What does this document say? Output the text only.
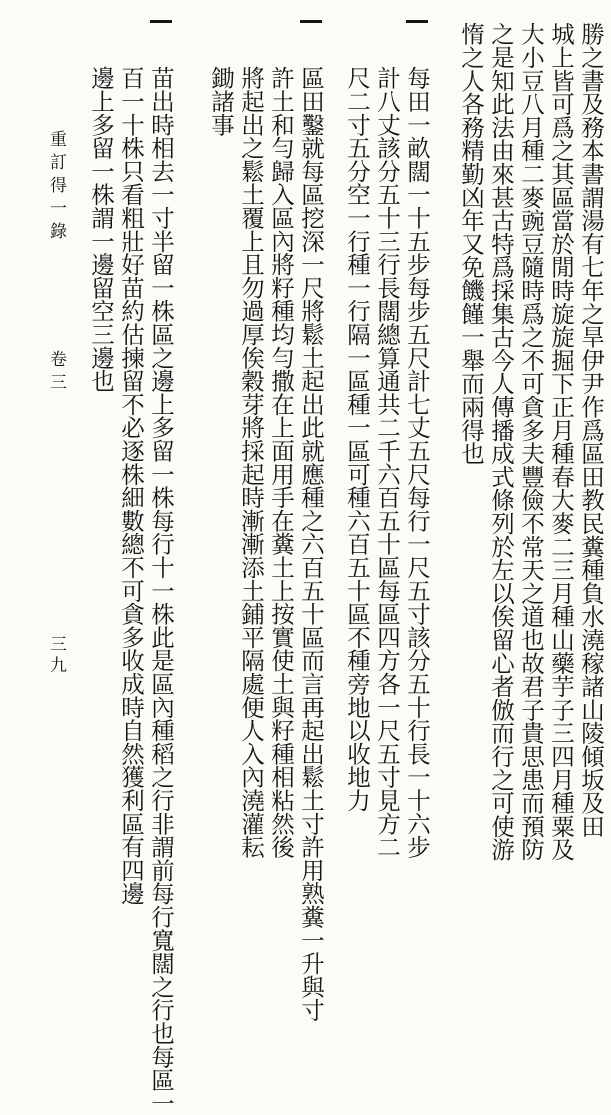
勝之書及務本書謂湯有七年之旱伊尹作爲區田教民糞種負水澆稼諸山陵傾坂及田
城上皆可爲之其區當於閒時旋旋掘下正月種春大麥二三月種山藥芋子三四月種粟及
大小豆八月種二麥豌豆隨時爲之不可貪多夫豐儉不常天之道也故君子貴思患而預防
之是知此法由來甚古特爲採集古今人傳播成式條列於左以俟留心者倣而行之可使游
惰之人各務精勤凶年又免饑饉一舉而兩得也
每田一畝闊一十五步每步五尺計七丈五尺每行一尺五寸該分五十行長一十六步
計八丈該分五十三行長闊總算通共二千六百五十區每區四方各一尺五寸見方二
尺二寸五分空一行種一行隔一區種一區可種六百五十區不種旁地以收地力
區田鑿就每區挖深一尺將鬆土起出此就應種之六百五十區而言再起出鬆土寸許用熟糞一升與寸
許土和勻歸入區內將籽種均勻撒在上面用手在糞土上按實使土與籽種相粘然後
將起出之鬆土覆上且勿過厚俟穀芽將採起時漸漸添土鋪平隔處便人入內澆灌耘
鋤諸事
苗出時相去一寸半留一株區之邊上多留一株每行十一株此是區內種稻之行非謂前每行寬闊之行也每區一
百一十株只看粗壯好苗約估揀留不必逐株細數總不可貪多收成時自然獲利區有四邊
邊上多留一株謂一邊留空三邊也
重訂得一錄
卷三
三九
